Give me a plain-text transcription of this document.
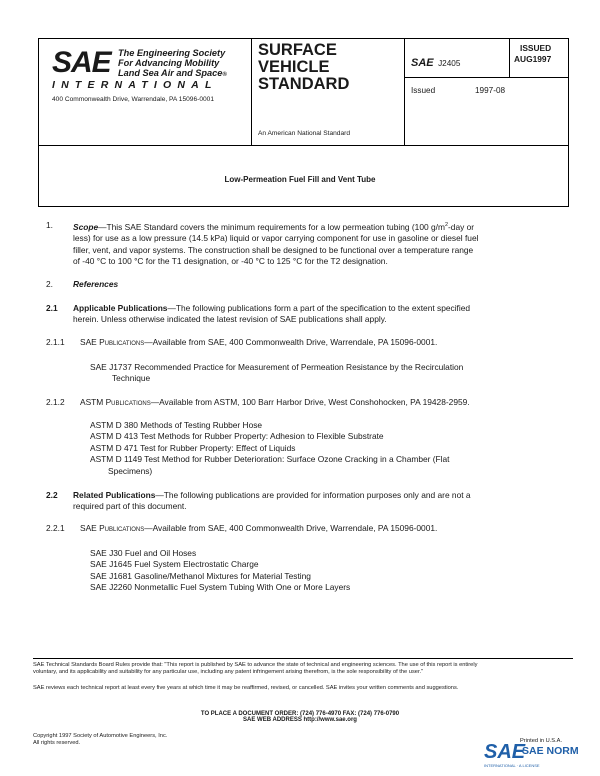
SAE The Engineering Society
For Advancing Mobility
Land Sea Air and Space®
INTERNATIONAL
400 Commonwealth Drive, Warrendale, PA 15096-0001
SURFACE
VEHICLE
STANDARD
SAE J2405
ISSUED
AUG1997
Issued	1997-08
An American National Standard
Low-Permeation Fuel Fill and Vent Tube
1. Scope—This SAE Standard covers the minimum requirements for a low permeation tubing (100 $g/m^2$-day or
less) for use as a low pressure (14.5 kPa) liquid or vapor carrying component for use in gasoline or diesel fuel
filler, vent, and vapor systems. The construction shall be designed to be functional over a temperature range
of -40 °C to 100 °C for the T1 designation, or -40 °C to 125 °C for the T2 designation.
2. References
2.1 Applicable Publications—The following publications form a part of the specification to the extent specified
herein. Unless otherwise indicated the latest revision of SAE publications shall apply.
2.1.1 SAE Publications—Available from SAE, 400 Commonwealth Drive, Warrendale, PA 15096-0001.
SAE J1737 Recommended Practice for Measurement of Permeation Resistance by the Recirculation
Technique
2.1.2 ASTM Publications—Available from ASTM, 100 Barr Harbor Drive, West Conshohocken, PA 19428-2959.
ASTM D 380 Methods of Testing Rubber Hose
ASTM D 413 Test Methods for Rubber Property: Adhesion to Flexible Substrate
ASTM D 471 Test for Rubber Property: Effect of Liquids
ASTM D 1149 Test Method for Rubber Deterioration: Surface Ozone Cracking in a Chamber (Flat
Specimens)
2.2 Related Publications—The following publications are provided for information purposes only and are not a
required part of this document.
2.2.1 SAE Publications—Available from SAE, 400 Commonwealth Drive, Warrendale, PA 15096-0001.
SAE J30 Fuel and Oil Hoses
SAE J1645 Fuel System Electrostatic Charge
SAE J1681 Gasoline/Methanol Mixtures for Material Testing
SAE J2260 Nonmetallic Fuel System Tubing With One or More Layers
SAE Technical Standards Board Rules provide that: "This report is published by SAE to advance the state of technical and engineering sciences. The use of this report is entirely
voluntary, and its applicability and suitability for any particular use, including any patent infringement arising therefrom, is the sole responsibility of the user."
SAE reviews each technical report at least every five years at which time it may be reaffirmed, revised, or cancelled. SAE invites your written comments and suggestions.
TO PLACE A DOCUMENT ORDER: (724) 776-4970 FAX: (724) 776-0790
SAE WEB ADDRESS http://www.sae.org
Copyright 1997 Society of Automotive Engineers, Inc.
All rights reserved.	Printed in U.S.A.
SAE
SAE NORM
INTERNATIONAL · A LICENSE
